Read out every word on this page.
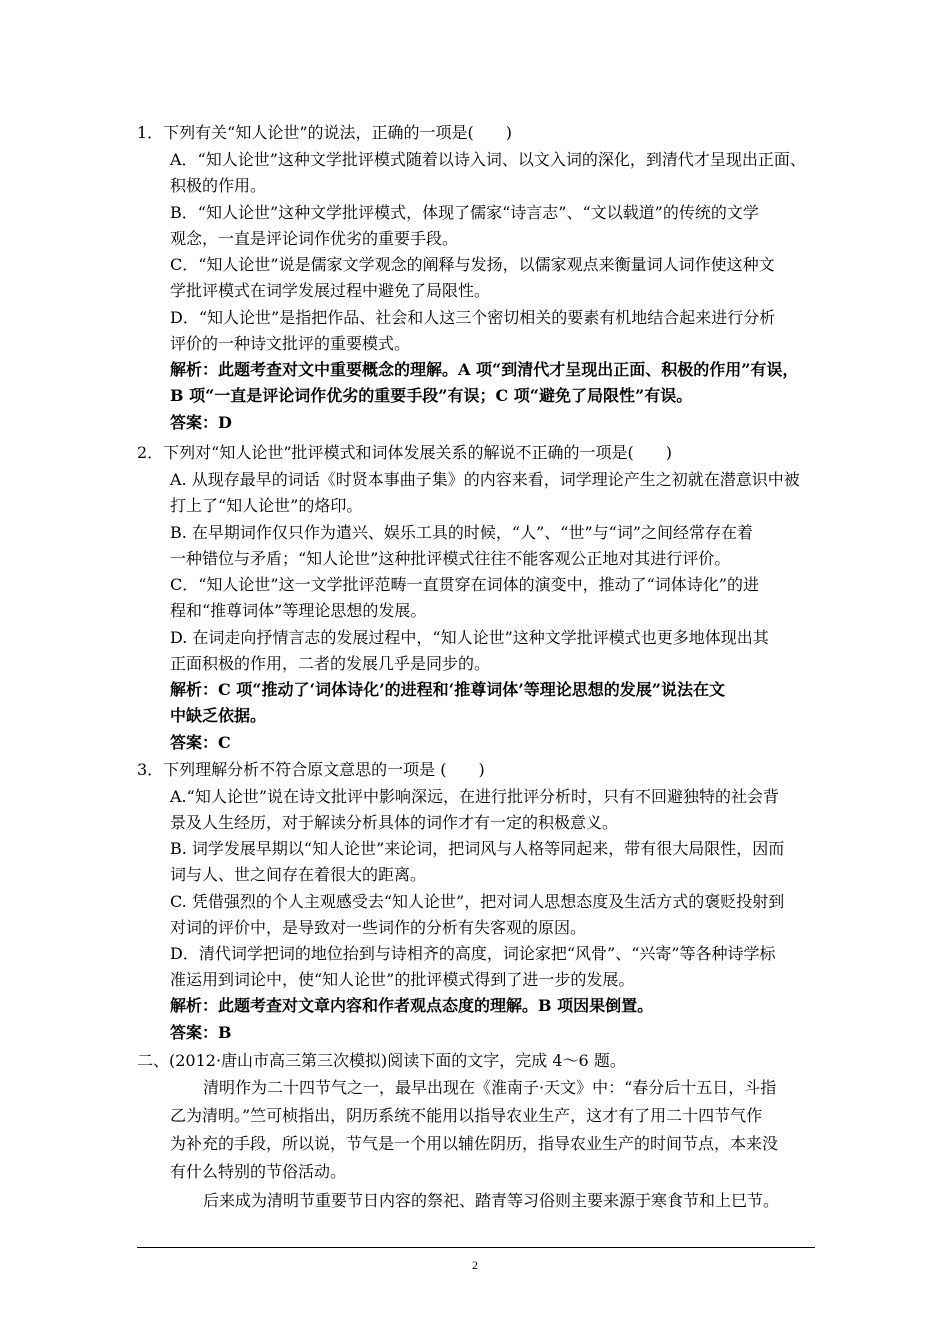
1．下列有关“知人论世”的说法，正确的一项是(　　)
A．“知人论世”这种文学批评模式随着以诗入词、以文入词的深化，到清代才呈现出正面、
积极的作用。
B．“知人论世”这种文学批评模式，体现了儒家“诗言志”、“文以载道”的传统的文学
观念，一直是评论词作优劣的重要手段。
C．“知人论世”说是儒家文学观念的阐释与发扬，以儒家观点来衡量词人词作使这种文
学批评模式在词学发展过程中避免了局限性。
D．“知人论世”是指把作品、社会和人这三个密切相关的要素有机地结合起来进行分析
评价的一种诗文批评的重要模式。
解析：此题考查对文中重要概念的理解。A 项“到清代才呈现出正面、积极的作用”有误，
B 项“一直是评论词作优劣的重要手段”有误；C 项“避免了局限性”有误。
答案：D
2．下列对“知人论世”批评模式和词体发展关系的解说不正确的一项是(　　)
A. 从现存最早的词话《时贤本事曲子集》的内容来看，词学理论产生之初就在潜意识中被
打上了“知人论世”的烙印。
B. 在早期词作仅只作为遣兴、娱乐工具的时候，“人”、“世”与“词”之间经常存在着
一种错位与矛盾；“知人论世”这种批评模式往往不能客观公正地对其进行评价。
C．“知人论世”这一文学批评范畴一直贯穿在词体的演变中，推动了“词体诗化”的进
程和“推尊词体”等理论思想的发展。
D. 在词走向抒情言志的发展过程中，“知人论世”这种文学批评模式也更多地体现出其
正面积极的作用，二者的发展几乎是同步的。
解析：C 项“推动了‘词体诗化’的进程和‘推尊词体’等理论思想的发展”说法在文
中缺乏依据。
答案：C
3．下列理解分析不符合原文意思的一项是 (　　)
A.“知人论世”说在诗文批评中影响深远，在进行批评分析时，只有不回避独特的社会背
景及人生经历，对于解读分析具体的词作才有一定的积极意义。
B. 词学发展早期以“知人论世”来论词，把词风与人格等同起来，带有很大局限性，因而
词与人、世之间存在着很大的距离。
C. 凭借强烈的个人主观感受去“知人论世”，把对词人思想态度及生活方式的褒贬投射到
对词的评价中，是导致对一些词作的分析有失客观的原因。
D．清代词学把词的地位抬到与诗相齐的高度，词论家把“风骨”、“兴寄”等各种诗学标
准运用到词论中，使“知人论世”的批评模式得到了进一步的发展。
解析：此题考查对文章内容和作者观点态度的理解。B 项因果倒置。
答案：B
二、(2012·唐山市高三第三次模拟)阅读下面的文字，完成 4～6 题。
清明作为二十四节气之一，最早出现在《淮南子·天文》中：“春分后十五日，斗指
乙为清明。”竺可桢指出，阴历系统不能用以指导农业生产，这才有了用二十四节气作
为补充的手段，所以说，节气是一个用以辅佐阴历，指导农业生产的时间节点，本来没
有什么特别的节俗活动。
后来成为清明节重要节日内容的祭祀、踏青等习俗则主要来源于寒食节和上巳节。
2
